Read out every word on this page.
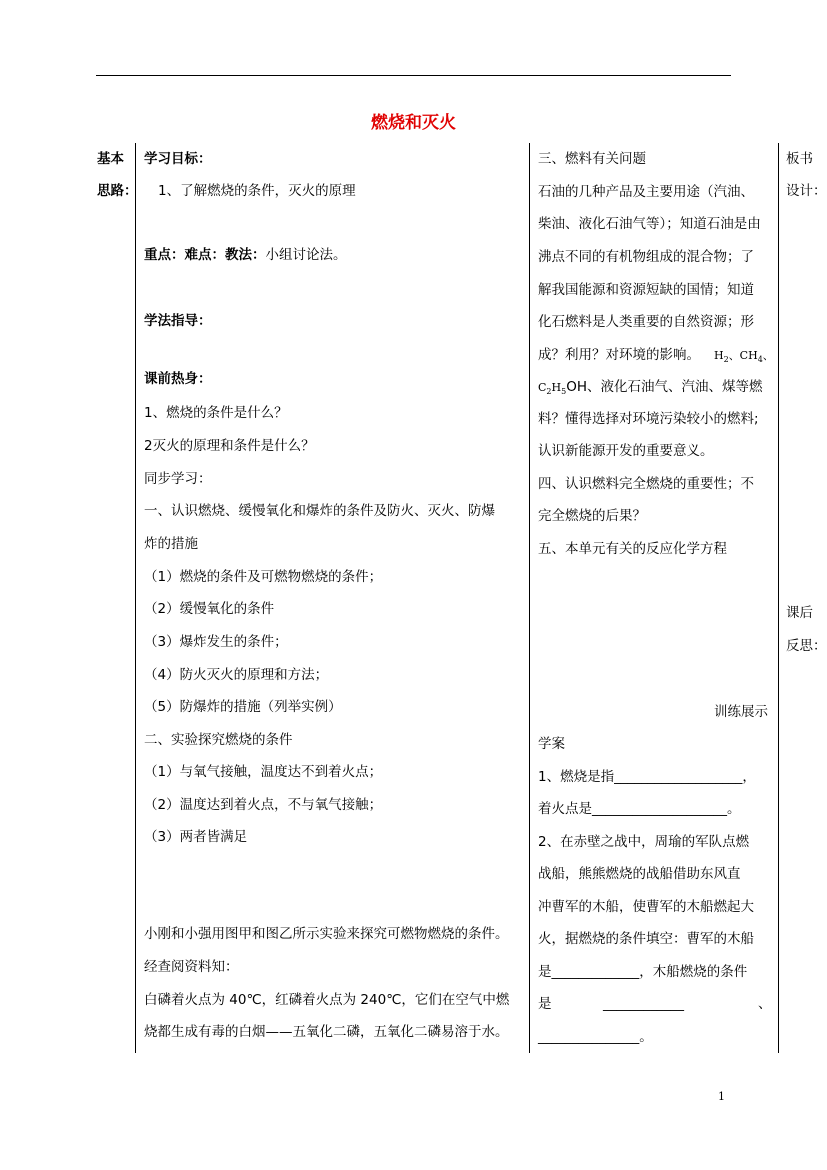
燃烧和灭火
基本
思路：
学习目标：
1、了解燃烧的条件，灭火的原理
重点：难点：教法：小组讨论法。
学法指导：
课前热身：
1、燃烧的条件是什么？
2灭火的原理和条件是什么？
同步学习：
一、认识燃烧、缓慢氧化和爆炸的条件及防火、灭火、防爆
炸的措施
（1）燃烧的条件及可燃物燃烧的条件；
（2）缓慢氧化的条件
（3）爆炸发生的条件；
（4）防火灭火的原理和方法；
（5）防爆炸的措施（列举实例）
二、实验探究燃烧的条件
（1）与氧气接触，温度达不到着火点；
（2）温度达到着火点，不与氧气接触；
（3）两者皆满足
小刚和小强用图甲和图乙所示实验来探究可燃物燃烧的条件。
经查阅资料知：
白磷着火点为 40℃，红磷着火点为 240℃，它们在空气中燃
烧都生成有毒的白烟——五氧化二磷，五氧化二磷易溶于水。
三、燃料有关问题
石油的几种产品及主要用途（汽油、
柴油、液化石油气等）；知道石油是由
沸点不同的有机物组成的混合物；了
解我国能源和资源短缺的国情；知道
化石燃料是人类重要的自然资源；形
成？利用？对环境的影响。 $H_2$、$CH_4$、
$C_2H_5OH$、液化石油气、汽油、煤等燃
料？懂得选择对环境污染较小的燃料;
认识新能源开发的重要意义。
四、认识燃料完全燃烧的重要性；不
完全燃烧的后果？
五、本单元有关的反应化学方程
训练展示
学案
1、燃烧是指___________________，
着火点是____________________。
2、在赤壁之战中，周瑜的军队点燃
战船，熊熊燃烧的战船借助东风直
冲曹军的木船，使曹军的木船燃起大
火，据燃烧的条件填空：曹军的木船
是_____________，木船燃烧的条件
是	____________	、
_______________。
板书
设计：
课后
反思：
1
